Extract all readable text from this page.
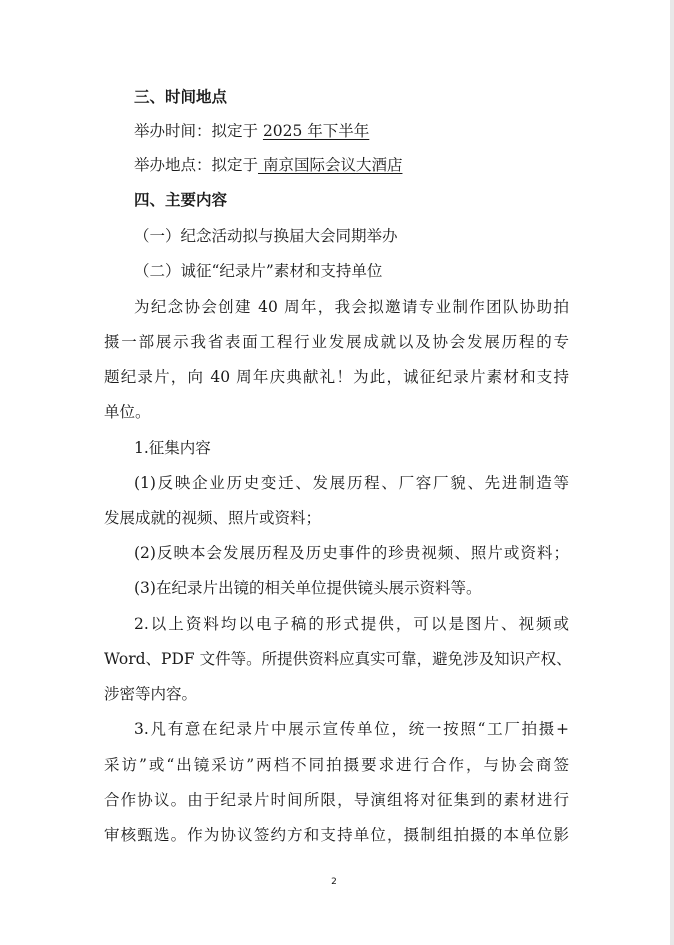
三、时间地点
举办时间：拟定于 2025 年下半年
举办地点：拟定于 南京国际会议大酒店
四、主要内容
（一）纪念活动拟与换届大会同期举办
（二）诚征“纪录片”素材和支持单位
为纪念协会创建 40 周年，我会拟邀请专业制作团队协助拍
摄一部展示我省表面工程行业发展成就以及协会发展历程的专
题纪录片，向 40 周年庆典献礼！为此，诚征纪录片素材和支持
单位。
1.征集内容
(1)反映企业历史变迁、发展历程、厂容厂貌、先进制造等
发展成就的视频、照片或资料；
(2)反映本会发展历程及历史事件的珍贵视频、照片或资料；
(3)在纪录片出镜的相关单位提供镜头展示资料等。
2.以上资料均以电子稿的形式提供，可以是图片、视频或
Word、PDF 文件等。所提供资料应真实可靠，避免涉及知识产权、
涉密等内容。
3.凡有意在纪录片中展示宣传单位，统一按照“工厂拍摄+
采访”或“出镜采访”两档不同拍摄要求进行合作，与协会商签
合作协议。由于纪录片时间所限，导演组将对征集到的素材进行
审核甄选。作为协议签约方和支持单位，摄制组拍摄的本单位影
2
